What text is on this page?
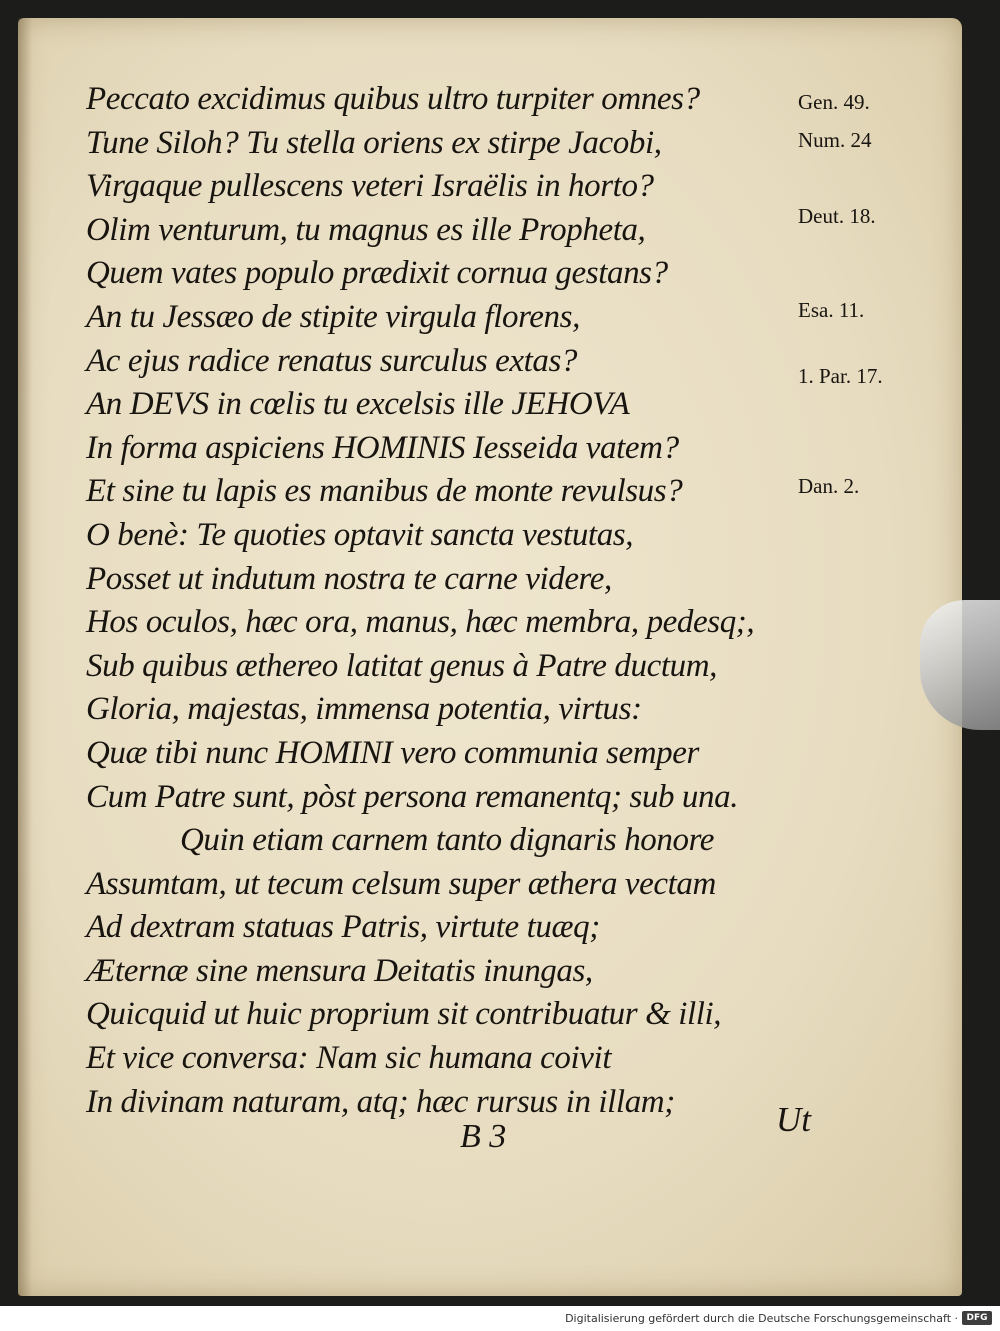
Peccato excidimus quibus ultro turpiter omnes?
Tune Siloh? Tu stella oriens ex stirpe Jacobi,
Virgaque pullescens veteri Israëlis in horto?
Olim venturum, tu magnus es ille Propheta,
Quem vates populo prædixit cornua gestans?
An tu Jessæo de stipite virgula florens,
Ac ejus radice renatus surculus extas?
An DEVS in cœlis tu excelsis ille JEHOVA
In forma aspiciens HOMINIS Iesseida vatem?
Et sine tu lapis es manibus de monte revulsus?
O benè: Te quoties optavit sancta vestutas,
Posset ut indutum nostra te carne videre,
Hos oculos, hæc ora, manus, hæc membra, pedesq;,
Sub quibus æthereo latitat genus à Patre ductum,
Gloria, majestas, immensa potentia, virtus:
Quæ tibi nunc HOMINI vero communia semper
Cum Patre sunt, pòst persona remanentq; sub una.
Quin etiam carnem tanto dignaris honore
Assumtam, ut tecum celsum super æthera vectam
Ad dextram statuas Patris, virtute tuæq;
Æternæ sine mensura Deitatis inungas,
Quicquid ut huic proprium sit contribuatur & illi,
Et vice conversa: Nam sic humana coivit
In divinam naturam, atq; hæc rursus in illam;
Gen. 49.
Num. 24
Deut. 18.
Esa. 11.
1. Par. 17.
Dan. 2.
B 3	Ut
Digitalisierung gefördert durch die Deutsche Forschungsgemeinschaft · DFG
